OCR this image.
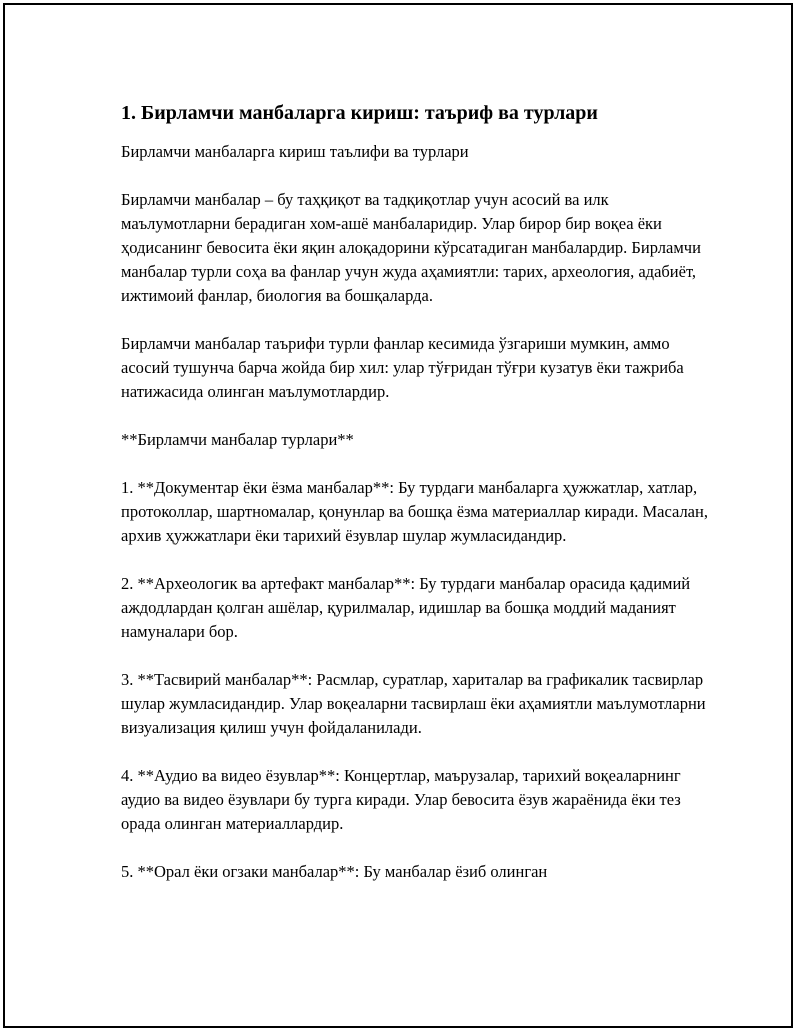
1. Бирламчи манбаларга кириш: таъриф ва турлари

Бирламчи манбаларга кириш таълифи ва турлари

Бирламчи манбалар – бу таҳқиқот ва тадқиқотлар учун асосий ва илк маълумотларни берадиган хом-ашё манбаларидир. Улар бирор бир воқеа ёки ҳодисанинг бевосита ёки яқин алоқадорини кўрсатадиган манбалардир. Бирламчи манбалар турли соҳа ва фанлар учун жуда аҳамиятли: тарих, археология, адабиёт, ижтимоий фанлар, биология ва бошқаларда.

Бирламчи манбалар таърифи турли фанлар кесимида ўзгариши мумкин, аммо асосий тушунча барча жойда бир хил: улар тўғридан тўғри кузатув ёки тажриба натижасида олинган маълумотлардир.

**Бирламчи манбалар турлари**

1. **Документар ёки ёзма манбалар**: Бу турдаги манбаларга ҳужжатлар, хатлар, протоколлар, шартномалар, қонунлар ва бошқа ёзма материаллар киради. Масалан, архив ҳужжатлари ёки тарихий ёзувлар шулар жумласидандир.

2. **Археологик ва артефакт манбалар**: Бу турдаги манбалар орасида қадимий аждодлардан қолган ашёлар, қурилмалар, идишлар ва бошқа моддий маданият намуналари бор.

3. **Тасвирий манбалар**: Расмлар, суратлар, хариталар ва графикалик тасвирлар шулар жумласидандир. Улар воқеаларни тасвирлаш ёки аҳамиятли маълумотларни визуализация қилиш учун фойдаланилади.

4. **Аудио ва видео ёзувлар**: Концертлар, маърузалар, тарихий воқеаларнинг аудио ва видео ёзувлари бу турга киради. Улар бевосита ёзув жараёнида ёки тез орада олинган материаллардир.

5. **Орал ёки огзаки манбалар**: Бу манбалар ёзиб олинган
